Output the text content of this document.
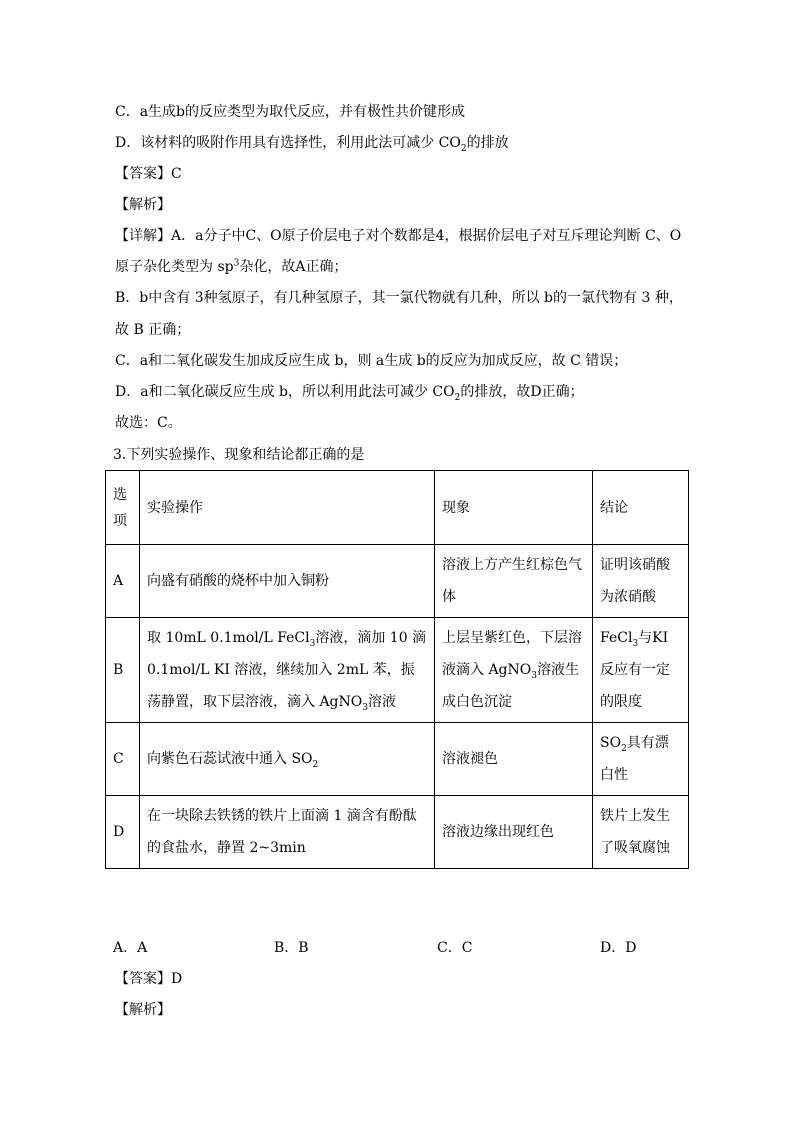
C．a生成b的反应类型为取代反应，并有极性共价键形成
D．该材料的吸附作用具有选择性，利用此法可减少 $CO_2$的排放
【答案】C
【解析】
【详解】A．a分子中C、O原子价层电子对个数都是4，根据价层电子对互斥理论判断 C、O
原子杂化类型为 $sp^3$杂化，故A正确；
B．b中含有 3种氢原子，有几种氢原子，其一氯代物就有几种，所以 b的一氯代物有 3 种，
故 B 正确；
C．a和二氧化碳发生加成反应生成 b，则 a生成 b的反应为加成反应，故 C 错误；
D．a和二氧化碳反应生成 b，所以利用此法可减少 $CO_2$的排放，故D正确；
故选：C。
3.下列实验操作、现象和结论都正确的是
选项	实验操作	现象	结论
A	向盛有硝酸的烧杯中加入铜粉	溶液上方产生红棕色气体	证明该硝酸为浓硝酸
B	取 10mL 0.1mol/L FeCl$_3$溶液，滴加 10 滴 0.1mol/L KI 溶液，继续加入 2mL 苯，振荡静置，取下层溶液，滴入 AgNO$_3$溶液	上层呈紫红色，下层溶液滴入 AgNO$_3$溶液生成白色沉淀	FeCl$_3$与KI 反应有一定的限度
C	向紫色石蕊试液中通入 $SO_2$	溶液褪色	$SO_2$具有漂白性
D	在一块除去铁锈的铁片上面滴 1 滴含有酚酞的食盐水，静置 2~3min	溶液边缘出现红色	铁片上发生了吸氧腐蚀
A．A	B．B	C．C	D．D
【答案】D
【解析】
